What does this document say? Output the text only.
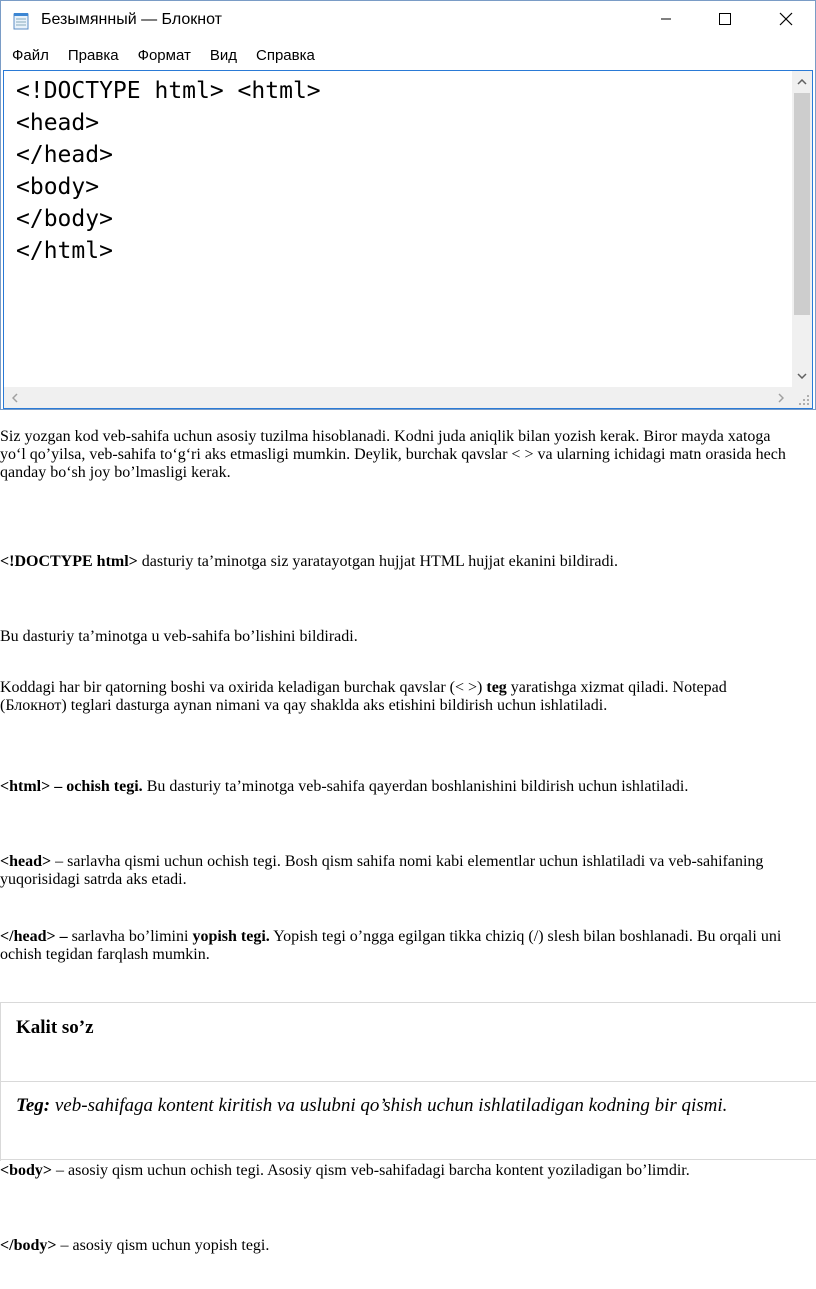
Безымянный — Блокнот
Файл	Правка	Формат	Вид	Справка
<!DOCTYPE html> <html>
<head>
</head>
<body>
</body>
</html>
Siz yozgan kod veb-sahifa uchun asosiy tuzilma hisoblanadi. Kodni juda aniqlik bilan yozish kerak. Biror mayda xatoga yo‘l qo’yilsa, veb-sahifa to‘g‘ri aks etmasligi mumkin. Deylik, burchak qavslar < > va ularning ichidagi matn orasida hech qanday bo‘sh joy bo’lmasligi kerak.
<!DOCTYPE html> dasturiy ta’minotga siz yaratayotgan hujjat HTML hujjat ekanini bildiradi.
Bu dasturiy ta’minotga u veb-sahifa bo’lishini bildiradi.
Koddagi har bir qatorning boshi va oxirida keladigan burchak qavslar (< >) teg yaratishga xizmat qiladi. Notepad (Блокнот) teglari dasturga aynan nimani va qay shaklda aks etishini bildirish uchun ishlatiladi.
<html> – ochish tegi. Bu dasturiy ta’minotga veb-sahifa qayerdan boshlanishini bildirish uchun ishlatiladi.
<head> – sarlavha qismi uchun ochish tegi. Bosh qism sahifa nomi kabi elementlar uchun ishlatiladi va veb-sahifaning yuqorisidagi satrda aks etadi.
</head> – sarlavha bo’limini yopish tegi. Yopish tegi o’ngga egilgan tikka chiziq (/) slesh bilan boshlanadi. Bu orqali uni ochish tegidan farqlash mumkin.
Kalit so’z
Teg: veb-sahifaga kontent kiritish va uslubni qo’shish uchun ishlatiladigan kodning bir qismi.
<body> – asosiy qism uchun ochish tegi. Asosiy qism veb-sahifadagi barcha kontent yoziladigan bo’limdir.
</body> – asosiy qism uchun yopish tegi.
